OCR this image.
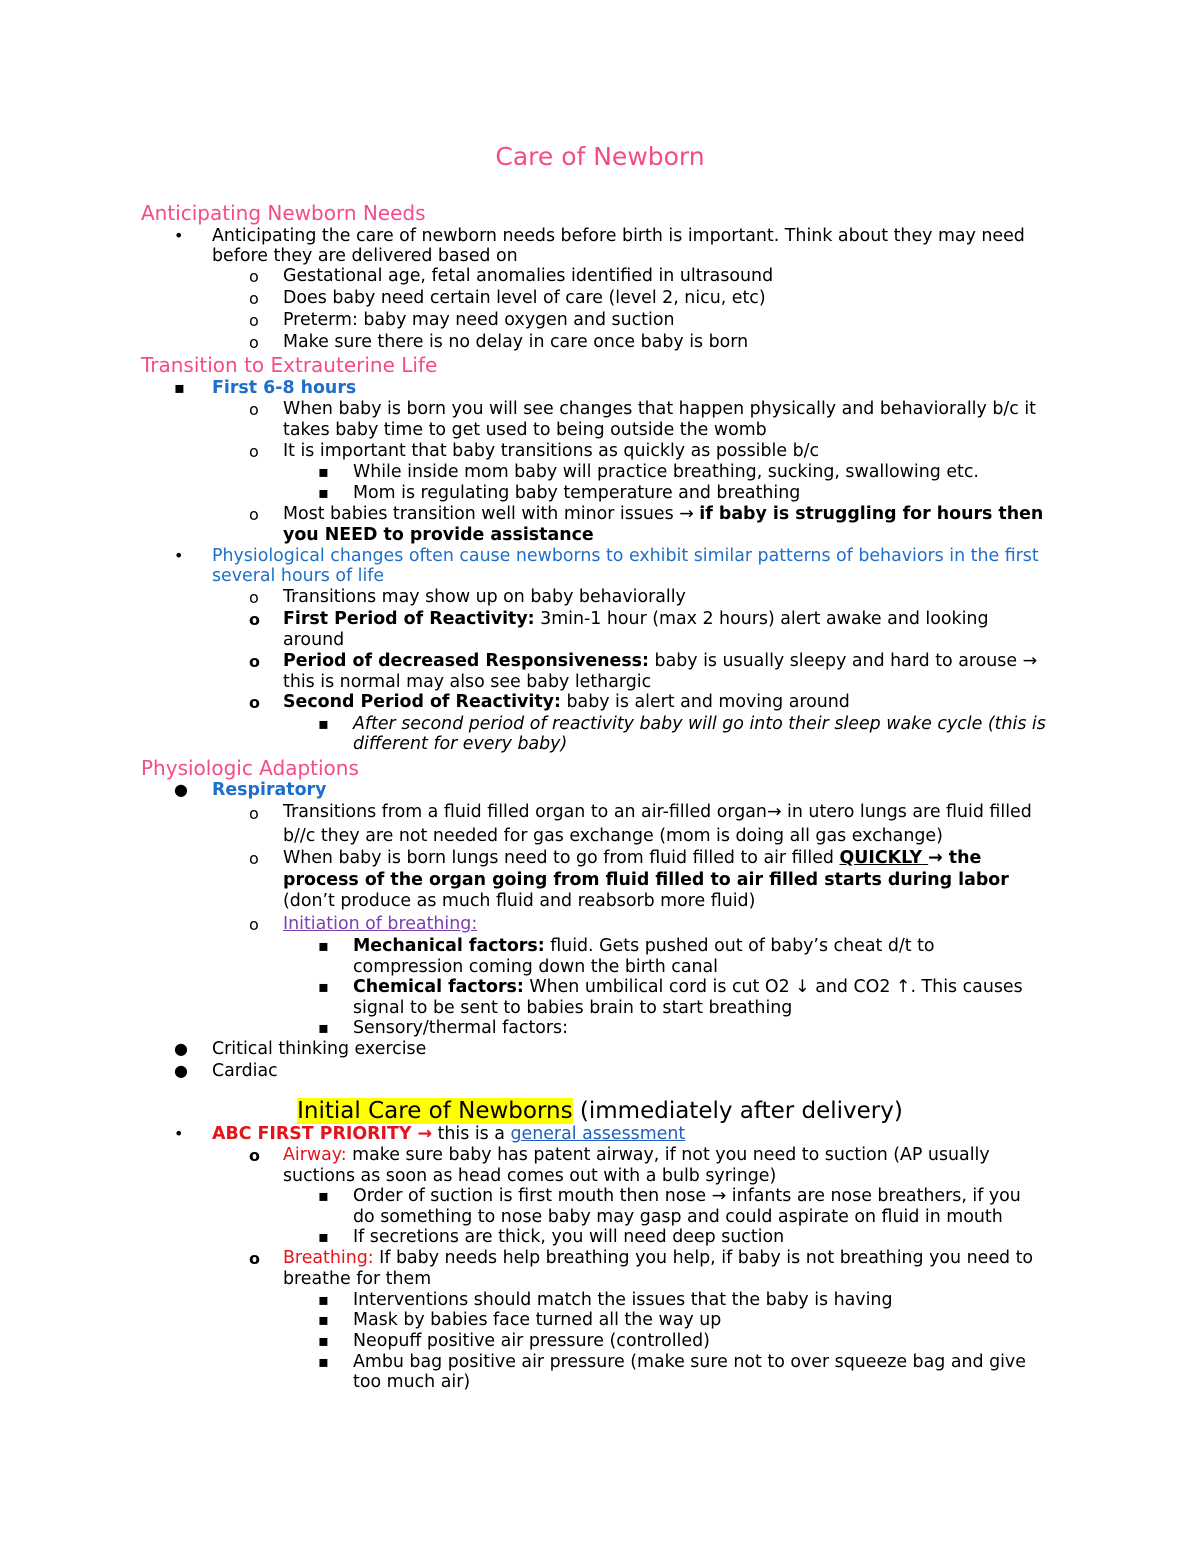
Care of Newborn
Anticipating Newborn Needs
• Anticipating the care of newborn needs before birth is important. Think about they may need
before they are delivered based on
o Gestational age, fetal anomalies identified in ultrasound
o Does baby need certain level of care (level 2, nicu, etc)
o Preterm: baby may need oxygen and suction
o Make sure there is no delay in care once baby is born
Transition to Extrauterine Life
▪ First 6-8 hours
o When baby is born you will see changes that happen physically and behaviorally b/c it
takes baby time to get used to being outside the womb
o It is important that baby transitions as quickly as possible b/c
▪ While inside mom baby will practice breathing, sucking, swallowing etc.
▪ Mom is regulating baby temperature and breathing
o Most babies transition well with minor issues → if baby is struggling for hours then
you NEED to provide assistance
• Physiological changes often cause newborns to exhibit similar patterns of behaviors in the first
several hours of life
o Transitions may show up on baby behaviorally
o First Period of Reactivity: 3min-1 hour (max 2 hours) alert awake and looking
around
o Period of decreased Responsiveness: baby is usually sleepy and hard to arouse →
this is normal may also see baby lethargic
o Second Period of Reactivity: baby is alert and moving around
▪ After second period of reactivity baby will go into their sleep wake cycle (this is
different for every baby)
Physiologic Adaptions
● Respiratory
o Transitions from a fluid filled organ to an air-filled organ→ in utero lungs are fluid filled
b//c they are not needed for gas exchange (mom is doing all gas exchange)
o When baby is born lungs need to go from fluid filled to air filled QUICKLY → the
process of the organ going from fluid filled to air filled starts during labor
(don’t produce as much fluid and reabsorb more fluid)
o Initiation of breathing:
▪ Mechanical factors: fluid. Gets pushed out of baby’s cheat d/t to
compression coming down the birth canal
▪ Chemical factors: When umbilical cord is cut O2 ↓ and CO2 ↑. This causes
signal to be sent to babies brain to start breathing
▪ Sensory/thermal factors:
● Critical thinking exercise
● Cardiac
Initial Care of Newborns (immediately after delivery)
• ABC FIRST PRIORITY → this is a general assessment
o Airway: make sure baby has patent airway, if not you need to suction (AP usually
suctions as soon as head comes out with a bulb syringe)
▪ Order of suction is first mouth then nose → infants are nose breathers, if you
do something to nose baby may gasp and could aspirate on fluid in mouth
▪ If secretions are thick, you will need deep suction
o Breathing: If baby needs help breathing you help, if baby is not breathing you need to
breathe for them
▪ Interventions should match the issues that the baby is having
▪ Mask by babies face turned all the way up
▪ Neopuff positive air pressure (controlled)
▪ Ambu bag positive air pressure (make sure not to over squeeze bag and give
too much air)
